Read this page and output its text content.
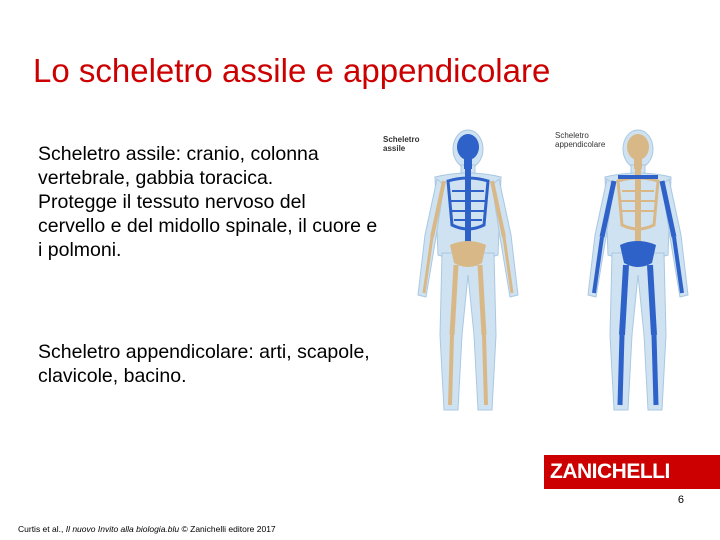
Lo scheletro assile e appendicolare

Scheletro assile: cranio, colonna vertebrale, gabbia toracica.

Protegge il tessuto nervoso del cervello e del midollo spinale, il cuore e i polmoni.

Scheletro appendicolare: arti, scapole, clavicole, bacino.

Scheletro assile
Scheletro appendicolare
ZANICHELLI
6
Curtis et al., Il nuovo Invito alla biologia.blu © Zanichelli editore 2017
